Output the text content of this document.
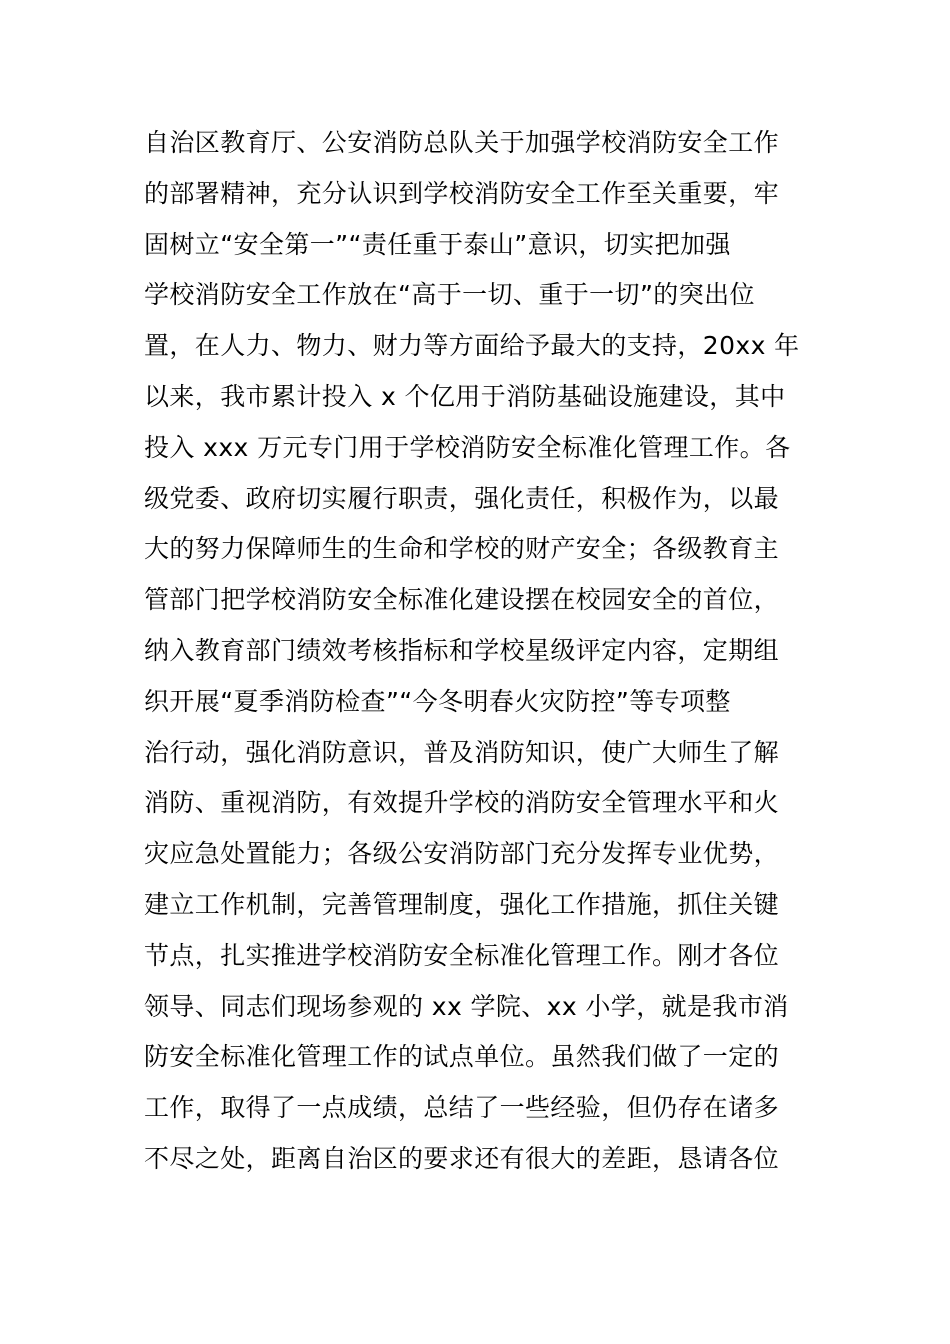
自治区教育厅、公安消防总队关于加强学校消防安全工作
的部署精神，充分认识到学校消防安全工作至关重要，牢
固树立“安全第一”“责任重于泰山”意识，切实把加强
学校消防安全工作放在“高于一切、重于一切”的突出位
置，在人力、物力、财力等方面给予最大的支持，20xx 年
以来，我市累计投入 x 个亿用于消防基础设施建设，其中
投入 xxx 万元专门用于学校消防安全标准化管理工作。各
级党委、政府切实履行职责，强化责任，积极作为，以最
大的努力保障师生的生命和学校的财产安全；各级教育主
管部门把学校消防安全标准化建设摆在校园安全的首位，
纳入教育部门绩效考核指标和学校星级评定内容，定期组
织开展“夏季消防检查”“今冬明春火灾防控”等专项整
治行动，强化消防意识，普及消防知识，使广大师生了解
消防、重视消防，有效提升学校的消防安全管理水平和火
灾应急处置能力；各级公安消防部门充分发挥专业优势，
建立工作机制，完善管理制度，强化工作措施，抓住关键
节点，扎实推进学校消防安全标准化管理工作。刚才各位
领导、同志们现场参观的 xx 学院、xx 小学，就是我市消
防安全标准化管理工作的试点单位。虽然我们做了一定的
工作，取得了一点成绩，总结了一些经验，但仍存在诸多
不尽之处，距离自治区的要求还有很大的差距，恳请各位
